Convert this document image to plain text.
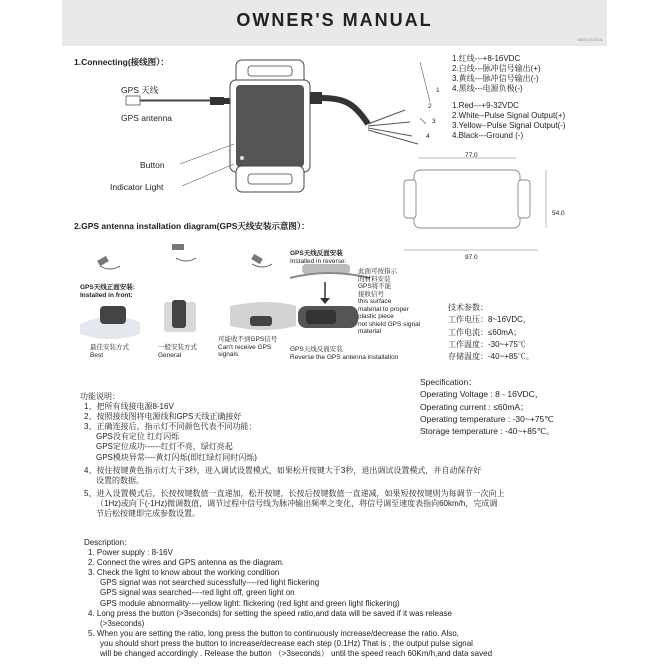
OWNER'S MANUAL
1004-XT1S-01
1.Connecting(接线图）：
GPS 天线
GPS antenna
Button
Indicator Light
1
2
3
4
1.红线---+8-16VDC
2.白线---脉冲信号输出(+)
3.黄线---脉冲信号输出(-)
4.黑线---电源负极(-)
1.Red---+9-32VDC
2.White--Pulse Signal Output(+)
3.Yellow--Pulse Signal Output(-)
4.Black---Ground (-)
77.0
97.0
54.0
2.GPS antenna installation diagram(GPS天线安装示意图）：
GPS天线反面安装
Installed in reverse:
GPS天线正面安装:
Installed in front:
此面可按指示
的材料安装
GPS将不能
接收信号
this surface
material to proper
plastic piece
not shield GPS signal
material
最佳安装方式
Best
一般安装方式
General
可能收不到GPS信号
Can't receive GPS signals
GPS天线反面安装
Reverse the GPS antenna installation
技术参数：
工作电压：8~16VDC，
工作电流：≤60mA；
工作温度：-30~+75℃
存储温度：-40~+85℃。
Specification：
Operating Voltage : 8 - 16VDC，
Operating current : ≤60mA；
Operating temperature : -30~+75℃
Storage temperature : -40~+85℃。
功能说明：
1、把所有线接电源8-16V
2、按照接线图将电源线和GPS天线正确接好
3、正确连接后，指示灯不同颜色代表不同功能：
GPS没有定位 红灯闪烁
GPS定位成功------红灯不亮，绿灯亮起
GPS模块异常----黄灯闪烁(即红绿灯同时闪烁)
4、按住按键黄色指示灯大于3秒，进入调试设置模式，如果松开按键大于3秒，退出调试设置模式，并自动保存好
设置的数据。
5、进入设置模式后，长按按键数值一直递加，松开按键，长按后按键数值一直递减，如果短按按键则为每调节一次向上
（1Hz)或向下(-1Hz)微调数值，调节过程中信号线为脉冲输出频率之变化，将信号调至速度表指向60km/h，完成调
节后松按键即完成参数设置。
Description：
1. Power supply : 8-16V
2. Connect the wires and GPS antenna as the diagram.
3. Check the light to know about the working condition
GPS signal was not searched sucessfully----red light flickering
GPS signal was searched----red light off, green light on
GPS module abnormality----yellow light: flickering (red light and green light flickering)
4. Long press the button (>3seconds) for setting the speed ratio,and data will be saved if it was release
(>3seconds)
5. When you are setting the ratio, long press the button to continuously increase/decrease the ratio. Also,
you should short press the button to increase/decrease each step (0.1Hz) That is , the output pulse signal
will be changed accordingly . Release the button （>3seconds） until the speed reach 60Km/h,and data saved
